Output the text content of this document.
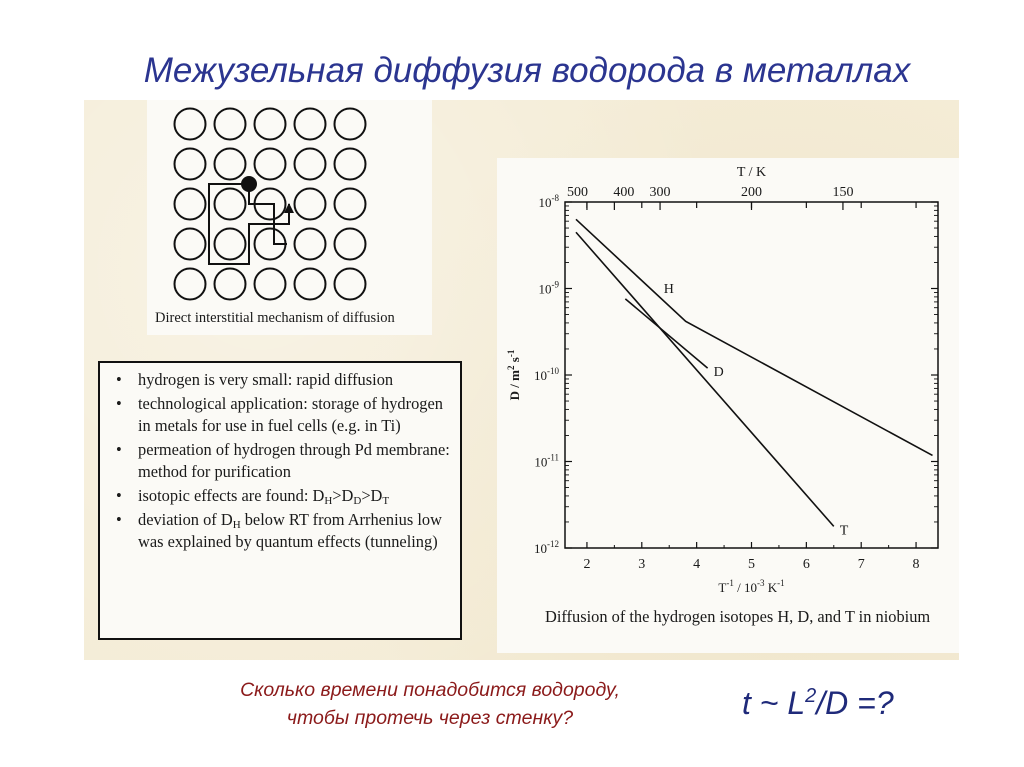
Межузельная диффузия водорода в металлах
Direct interstitial mechanism of diffusion
• hydrogen is very small: rapid diffusion
• technological application: storage of hydrogen in metals for use in fuel cells (e.g. in Ti)
• permeation of hydrogen through Pd membrane: method for purification
• isotopic effects are found: $D_H>D_D>D_T$
• deviation of $D_H$ below RT from Arrhenius low was explained by quantum effects (tunneling)
2	3	4	5	6	7	8
$10^{-8}$
$10^{-9}$
$10^{-10}$
$10^{-11}$
$10^{-12}$
500 400 300	200	150
T / K
$T^{-1} / 10^{-3}$ $K^{-1}$
D / $m^2$ $s^{-1}$
H
D
T
Diffusion of the hydrogen isotopes H, D, and T in niobium
Сколько времени понадобится водороду,
чтобы протечь через стенку?	t ~ $L^2/D$ =?
